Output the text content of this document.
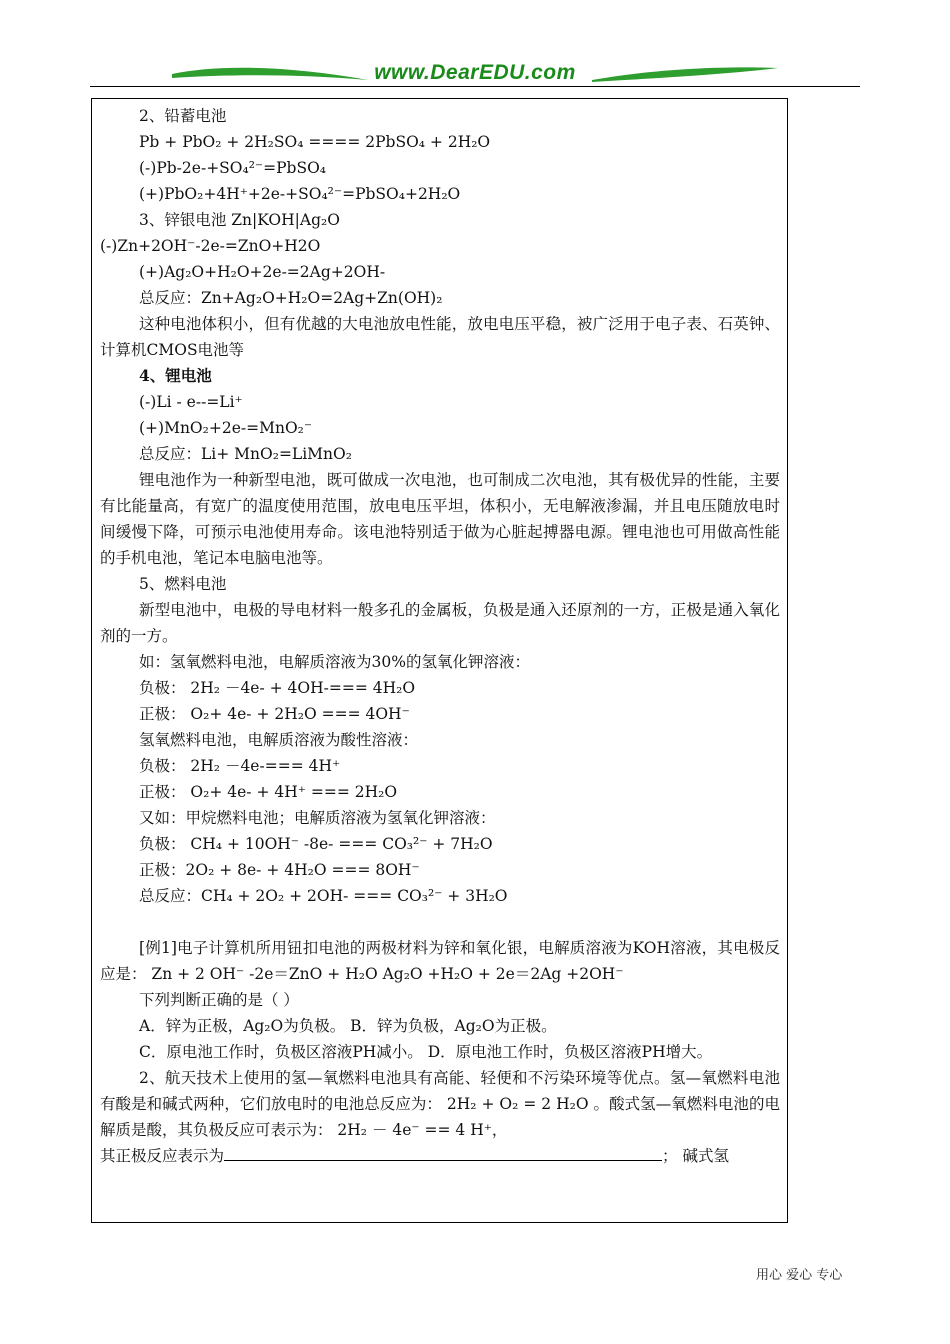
www.DearEDU.com
2、铅蓄电池
Pb + PbO₂ + 2H₂SO₄ ==== 2PbSO₄ + 2H₂O
(-)Pb-2e-+SO₄²⁻=PbSO₄
(+)PbO₂+4H⁺+2e-+SO₄²⁻=PbSO₄+2H₂O
3、锌银电池 Zn|KOH|Ag₂O
(-)Zn+2OH⁻-2e-=ZnO+H2O
(+)Ag₂O+H₂O+2e-=2Ag+2OH-
总反应：Zn+Ag₂O+H₂O=2Ag+Zn(OH)₂
这种电池体积小，但有优越的大电池放电性能，放电电压平稳，被广泛用于电子表、石英钟、计算机CMOS电池等
4、锂电池
(-)Li - e--=Li⁺
(+)MnO₂+2e-=MnO₂⁻
总反应：Li+ MnO₂=LiMnO₂
锂电池作为一种新型电池，既可做成一次电池，也可制成二次电池，其有极优异的性能，主要有比能量高，有宽广的温度使用范围，放电电压平坦，体积小，无电解液渗漏，并且电压随放电时间缓慢下降，可预示电池使用寿命。该电池特别适于做为心脏起搏器电源。锂电池也可用做高性能的手机电池，笔记本电脑电池等。
5、燃料电池
新型电池中，电极的导电材料一般多孔的金属板，负极是通入还原剂的一方，正极是通入氧化剂的一方。
如：氢氧燃料电池，电解质溶液为30%的氢氧化钾溶液：
负极： 2H₂ －4e- + 4OH-=== 4H₂O
正极： O₂+ 4e- + 2H₂O === 4OH⁻
氢氧燃料电池，电解质溶液为酸性溶液：
负极： 2H₂ －4e-=== 4H⁺
正极： O₂+ 4e- + 4H⁺ === 2H₂O
又如：甲烷燃料电池；电解质溶液为氢氧化钾溶液：
负极： CH₄ + 10OH⁻ -8e- === CO₃²⁻ + 7H₂O
正极：2O₂ + 8e- + 4H₂O === 8OH⁻
总反应：CH₄ + 2O₂ + 2OH- === CO₃²⁻ + 3H₂O
[例1]电子计算机所用钮扣电池的两极材料为锌和氧化银，电解质溶液为KOH溶液，其电极反应是： Zn + 2 OH⁻ -2e＝ZnO + H₂O Ag₂O +H₂O + 2e＝2Ag +2OH⁻
下列判断正确的是（ ）
A．锌为正极，Ag₂O为负极。 B．锌为负极，Ag₂O为正极。
C．原电池工作时，负极区溶液PH减小。 D．原电池工作时，负极区溶液PH增大。
2、航天技术上使用的氢—氧燃料电池具有高能、轻便和不污染环境等优点。氢—氧燃料电池有酸是和碱式两种，它们放电时的电池总反应为： 2H₂ + O₂ = 2 H₂O 。酸式氢—氧燃料电池的电解质是酸，其负极反应可表示为： 2H₂ － 4e⁻ == 4 H⁺，
其正极反应表示为	； 碱式氢
用心 爱心 专心
